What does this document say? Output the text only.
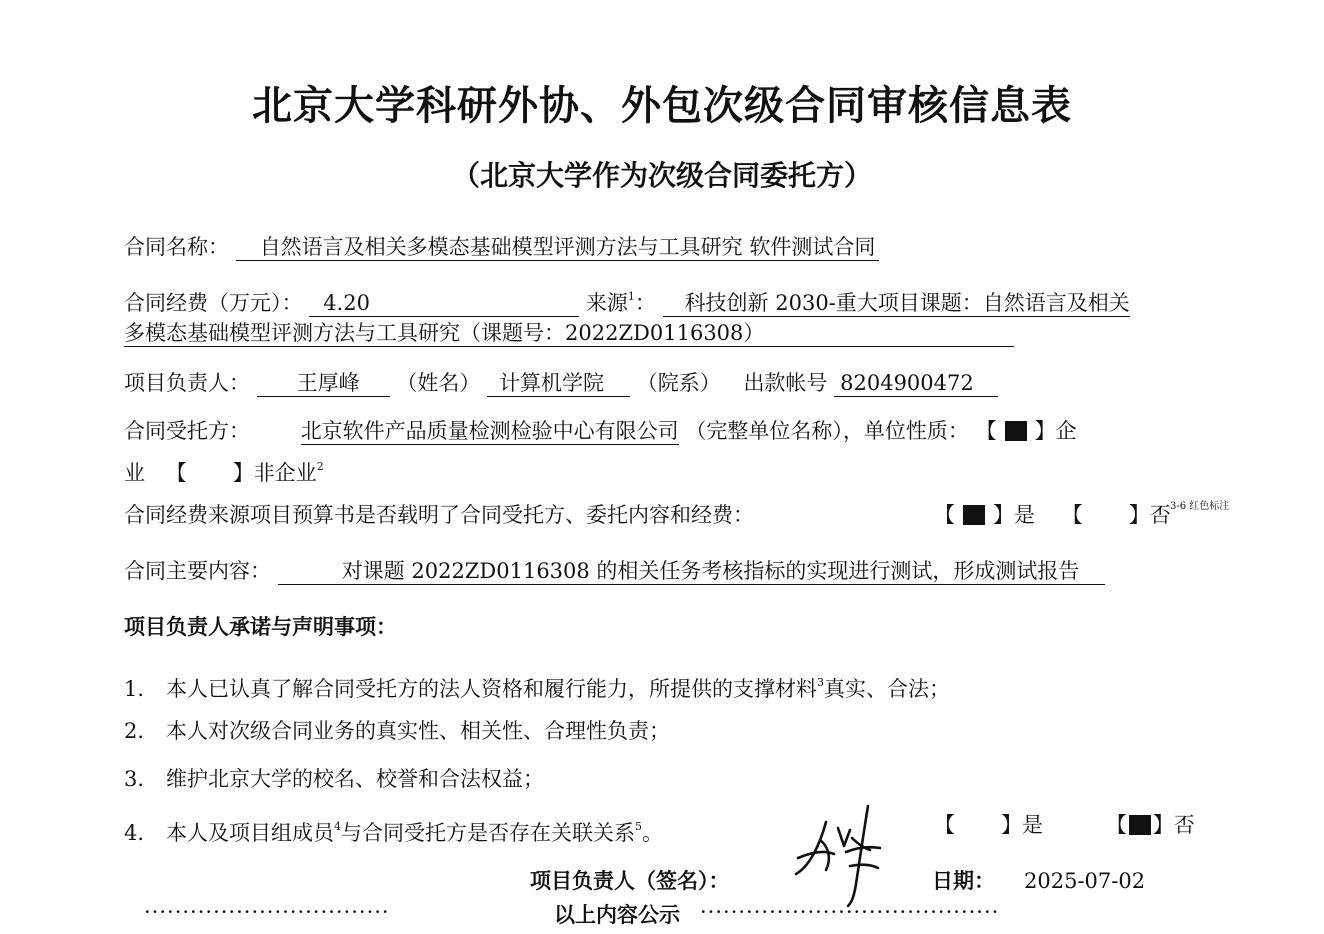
北京大学科研外协、外包次级合同审核信息表
（北京大学作为次级合同委托方）
合同名称： 自然语言及相关多模态基础模型评测方法与工具研究 软件测试合同
合同经费（万元）： 4.20	来源$^1$： 科技创新 2030-重大项目课题：自然语言及相关
多模态基础模型评测方法与工具研究（课题号：2022ZD0116308）
项目负责人： 王厚峰 （姓名） 计算机学院 （院系） 出款帐号 8204900472
合同受托方： 北京软件产品质量检测检验中心有限公司 （完整单位名称），单位性质： 【 】企
业 【 】非企业$^2$
合同经费来源项目预算书是否载明了合同受托方、委托内容和经费：	【 】是 【 】否 3-6 红色标注
合同主要内容：	对课题 2022ZD0116308 的相关任务考核指标的实现进行测试，形成测试报告
项目负责人承诺与声明事项：
1. 本人已认真了解合同受托方的法人资格和履行能力，所提供的支撑材料$^3$真实、合法；
2. 本人对次级合同业务的真实性、相关性、合理性负责；
3. 维护北京大学的校名、校誉和合法权益；
4. 本人及项目组成员$^4$与合同受托方是否存在关联关系$^5$。	【 】是	【 】否
项目负责人（签名）：	日期： 2025-07-02
································	以上内容公示 ·······································
